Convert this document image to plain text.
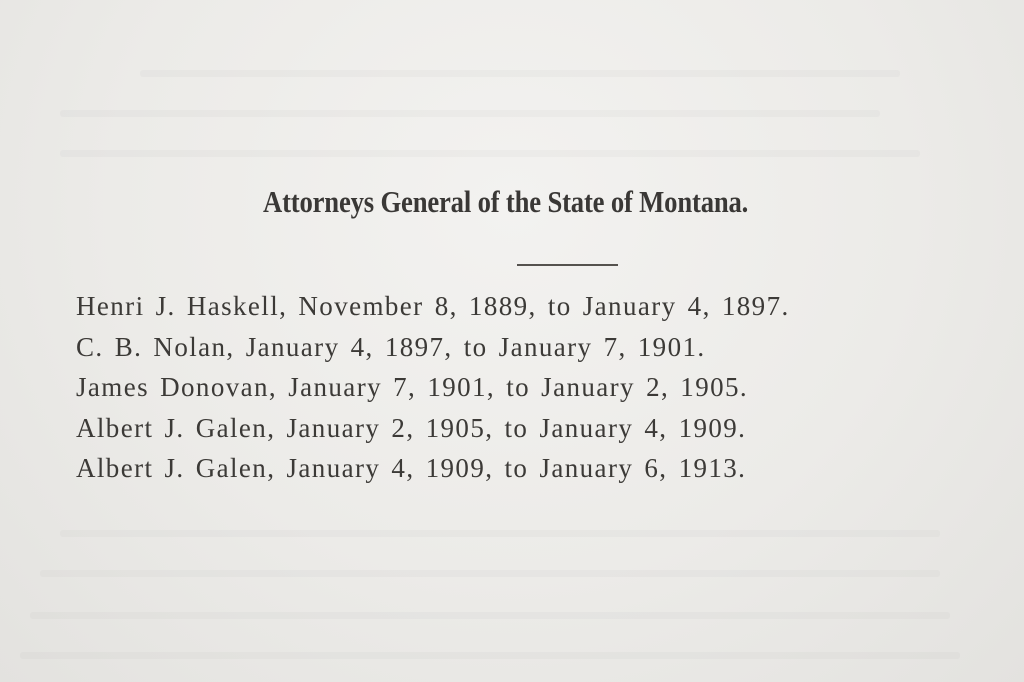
Attorneys General of the State of Montana.
Henri J. Haskell, November 8, 1889, to January 4, 1897.
C. B. Nolan, January 4, 1897, to January 7, 1901.
James Donovan, January 7, 1901, to January 2, 1905.
Albert J. Galen, January 2, 1905, to January 4, 1909.
Albert J. Galen, January 4, 1909, to January 6, 1913.
